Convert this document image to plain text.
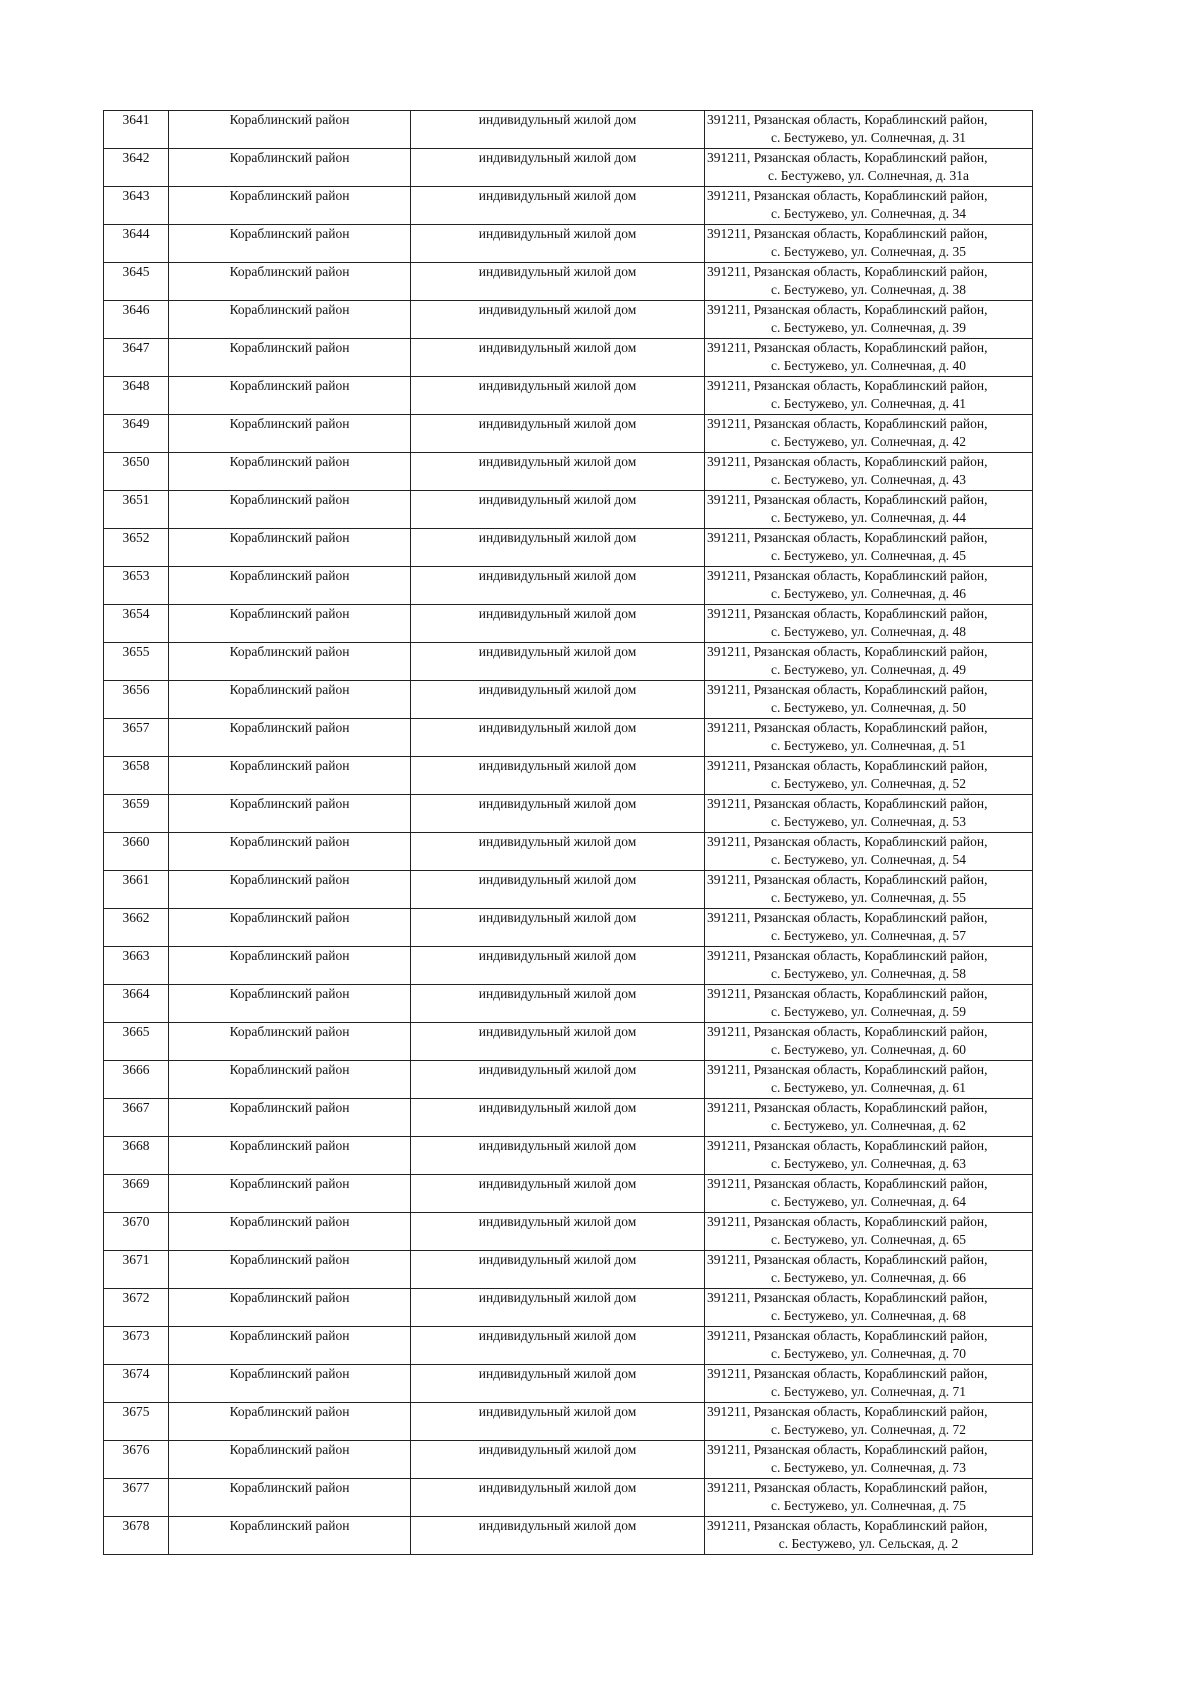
3641	Кораблинский район	индивидульный жилой дом	391211, Рязанская область, Кораблинский район,
с. Бестужево, ул. Солнечная, д. 31

3642	Кораблинский район	индивидульный жилой дом	391211, Рязанская область, Кораблинский район,
с. Бестужево, ул. Солнечная, д. 31а

3643	Кораблинский район	индивидульный жилой дом	391211, Рязанская область, Кораблинский район,
с. Бестужево, ул. Солнечная, д. 34

3644	Кораблинский район	индивидульный жилой дом	391211, Рязанская область, Кораблинский район,
с. Бестужево, ул. Солнечная, д. 35

3645	Кораблинский район	индивидульный жилой дом	391211, Рязанская область, Кораблинский район,
с. Бестужево, ул. Солнечная, д. 38

3646	Кораблинский район	индивидульный жилой дом	391211, Рязанская область, Кораблинский район,
с. Бестужево, ул. Солнечная, д. 39

3647	Кораблинский район	индивидульный жилой дом	391211, Рязанская область, Кораблинский район,
с. Бестужево, ул. Солнечная, д. 40

3648	Кораблинский район	индивидульный жилой дом	391211, Рязанская область, Кораблинский район,
с. Бестужево, ул. Солнечная, д. 41

3649	Кораблинский район	индивидульный жилой дом	391211, Рязанская область, Кораблинский район,
с. Бестужево, ул. Солнечная, д. 42

3650	Кораблинский район	индивидульный жилой дом	391211, Рязанская область, Кораблинский район,
с. Бестужево, ул. Солнечная, д. 43

3651	Кораблинский район	индивидульный жилой дом	391211, Рязанская область, Кораблинский район,
с. Бестужево, ул. Солнечная, д. 44

3652	Кораблинский район	индивидульный жилой дом	391211, Рязанская область, Кораблинский район,
с. Бестужево, ул. Солнечная, д. 45

3653	Кораблинский район	индивидульный жилой дом	391211, Рязанская область, Кораблинский район,
с. Бестужево, ул. Солнечная, д. 46

3654	Кораблинский район	индивидульный жилой дом	391211, Рязанская область, Кораблинский район,
с. Бестужево, ул. Солнечная, д. 48

3655	Кораблинский район	индивидульный жилой дом	391211, Рязанская область, Кораблинский район,
с. Бестужево, ул. Солнечная, д. 49

3656	Кораблинский район	индивидульный жилой дом	391211, Рязанская область, Кораблинский район,
с. Бестужево, ул. Солнечная, д. 50

3657	Кораблинский район	индивидульный жилой дом	391211, Рязанская область, Кораблинский район,
с. Бестужево, ул. Солнечная, д. 51

3658	Кораблинский район	индивидульный жилой дом	391211, Рязанская область, Кораблинский район,
с. Бестужево, ул. Солнечная, д. 52

3659	Кораблинский район	индивидульный жилой дом	391211, Рязанская область, Кораблинский район,
с. Бестужево, ул. Солнечная, д. 53

3660	Кораблинский район	индивидульный жилой дом	391211, Рязанская область, Кораблинский район,
с. Бестужево, ул. Солнечная, д. 54

3661	Кораблинский район	индивидульный жилой дом	391211, Рязанская область, Кораблинский район,
с. Бестужево, ул. Солнечная, д. 55

3662	Кораблинский район	индивидульный жилой дом	391211, Рязанская область, Кораблинский район,
с. Бестужево, ул. Солнечная, д. 57

3663	Кораблинский район	индивидульный жилой дом	391211, Рязанская область, Кораблинский район,
с. Бестужево, ул. Солнечная, д. 58

3664	Кораблинский район	индивидульный жилой дом	391211, Рязанская область, Кораблинский район,
с. Бестужево, ул. Солнечная, д. 59

3665	Кораблинский район	индивидульный жилой дом	391211, Рязанская область, Кораблинский район,
с. Бестужево, ул. Солнечная, д. 60

3666	Кораблинский район	индивидульный жилой дом	391211, Рязанская область, Кораблинский район,
с. Бестужево, ул. Солнечная, д. 61

3667	Кораблинский район	индивидульный жилой дом	391211, Рязанская область, Кораблинский район,
с. Бестужево, ул. Солнечная, д. 62

3668	Кораблинский район	индивидульный жилой дом	391211, Рязанская область, Кораблинский район,
с. Бестужево, ул. Солнечная, д. 63

3669	Кораблинский район	индивидульный жилой дом	391211, Рязанская область, Кораблинский район,
с. Бестужево, ул. Солнечная, д. 64

3670	Кораблинский район	индивидульный жилой дом	391211, Рязанская область, Кораблинский район,
с. Бестужево, ул. Солнечная, д. 65

3671	Кораблинский район	индивидульный жилой дом	391211, Рязанская область, Кораблинский район,
с. Бестужево, ул. Солнечная, д. 66

3672	Кораблинский район	индивидульный жилой дом	391211, Рязанская область, Кораблинский район,
с. Бестужево, ул. Солнечная, д. 68

3673	Кораблинский район	индивидульный жилой дом	391211, Рязанская область, Кораблинский район,
с. Бестужево, ул. Солнечная, д. 70

3674	Кораблинский район	индивидульный жилой дом	391211, Рязанская область, Кораблинский район,
с. Бестужево, ул. Солнечная, д. 71

3675	Кораблинский район	индивидульный жилой дом	391211, Рязанская область, Кораблинский район,
с. Бестужево, ул. Солнечная, д. 72

3676	Кораблинский район	индивидульный жилой дом	391211, Рязанская область, Кораблинский район,
с. Бестужево, ул. Солнечная, д. 73

3677	Кораблинский район	индивидульный жилой дом	391211, Рязанская область, Кораблинский район,
с. Бестужево, ул. Солнечная, д. 75

3678	Кораблинский район	индивидульный жилой дом	391211, Рязанская область, Кораблинский район,
с. Бестужево, ул. Сельская, д. 2
